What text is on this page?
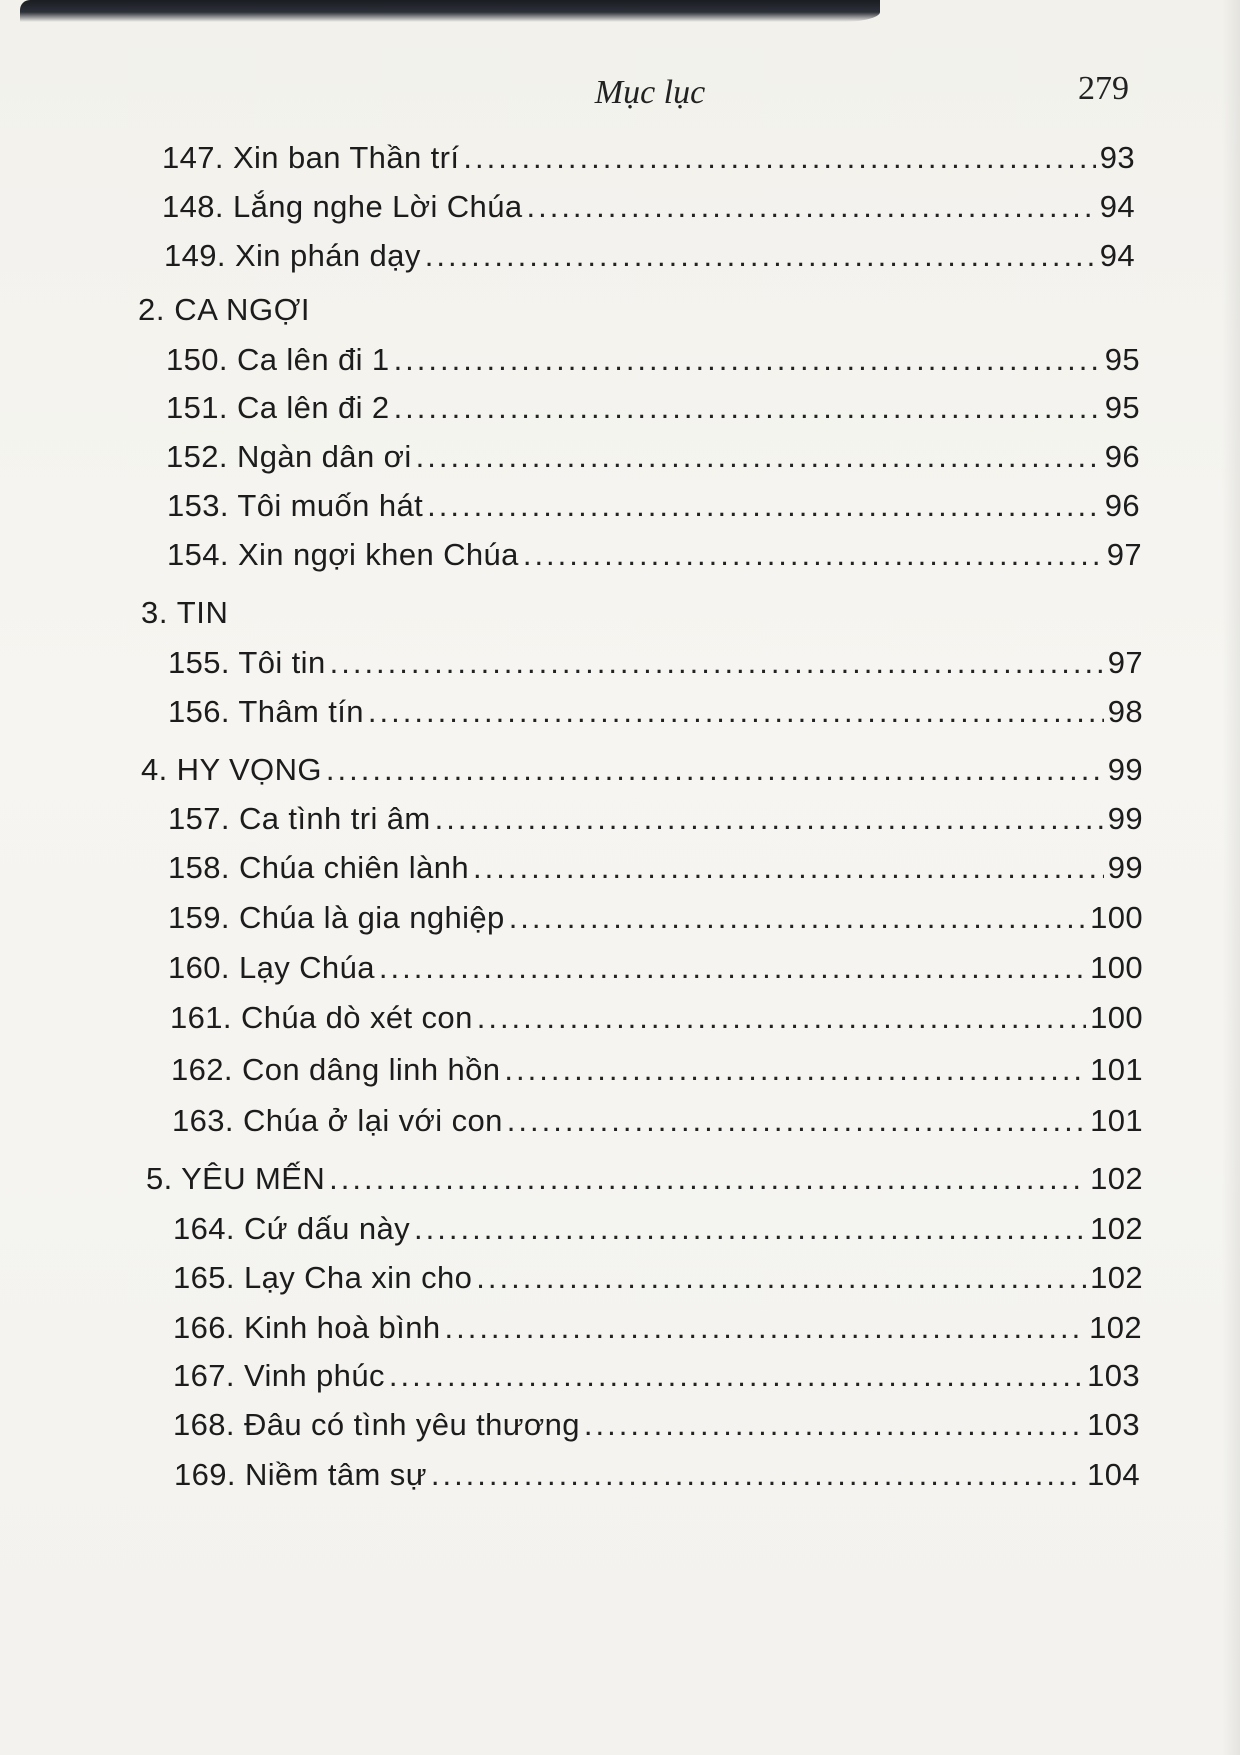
Mục lục	279
147. Xin ban Thần trí .....	93
148. Lắng nghe Lời Chúa .....	94
149. Xin phán dạy .....	94
2. CA NGỢI
150. Ca lên đi 1 .....	95
151. Ca lên đi 2 .....	95
152. Ngàn dân ơi .....	96
153. Tôi muốn hát .....	96
154. Xin ngợi khen Chúa .....	97
3. TIN
155. Tôi tin .....	97
156. Thâm tín .....	98
4. HY VỌNG .....	99
157. Ca tình tri âm .....	99
158. Chúa chiên lành .....	99
159. Chúa là gia nghiệp .....	100
160. Lạy Chúa .....	100
161. Chúa dò xét con .....	100
162. Con dâng linh hồn .....	101
163. Chúa ở lại với con .....	101
5. YÊU MẾN .....	102
164. Cứ dấu này .....	102
165. Lạy Cha xin cho .....	102
166. Kinh hoà bình .....	102
167. Vinh phúc .....	103
168. Đâu có tình yêu thương .....	103
169. Niềm tâm sự .....	104
